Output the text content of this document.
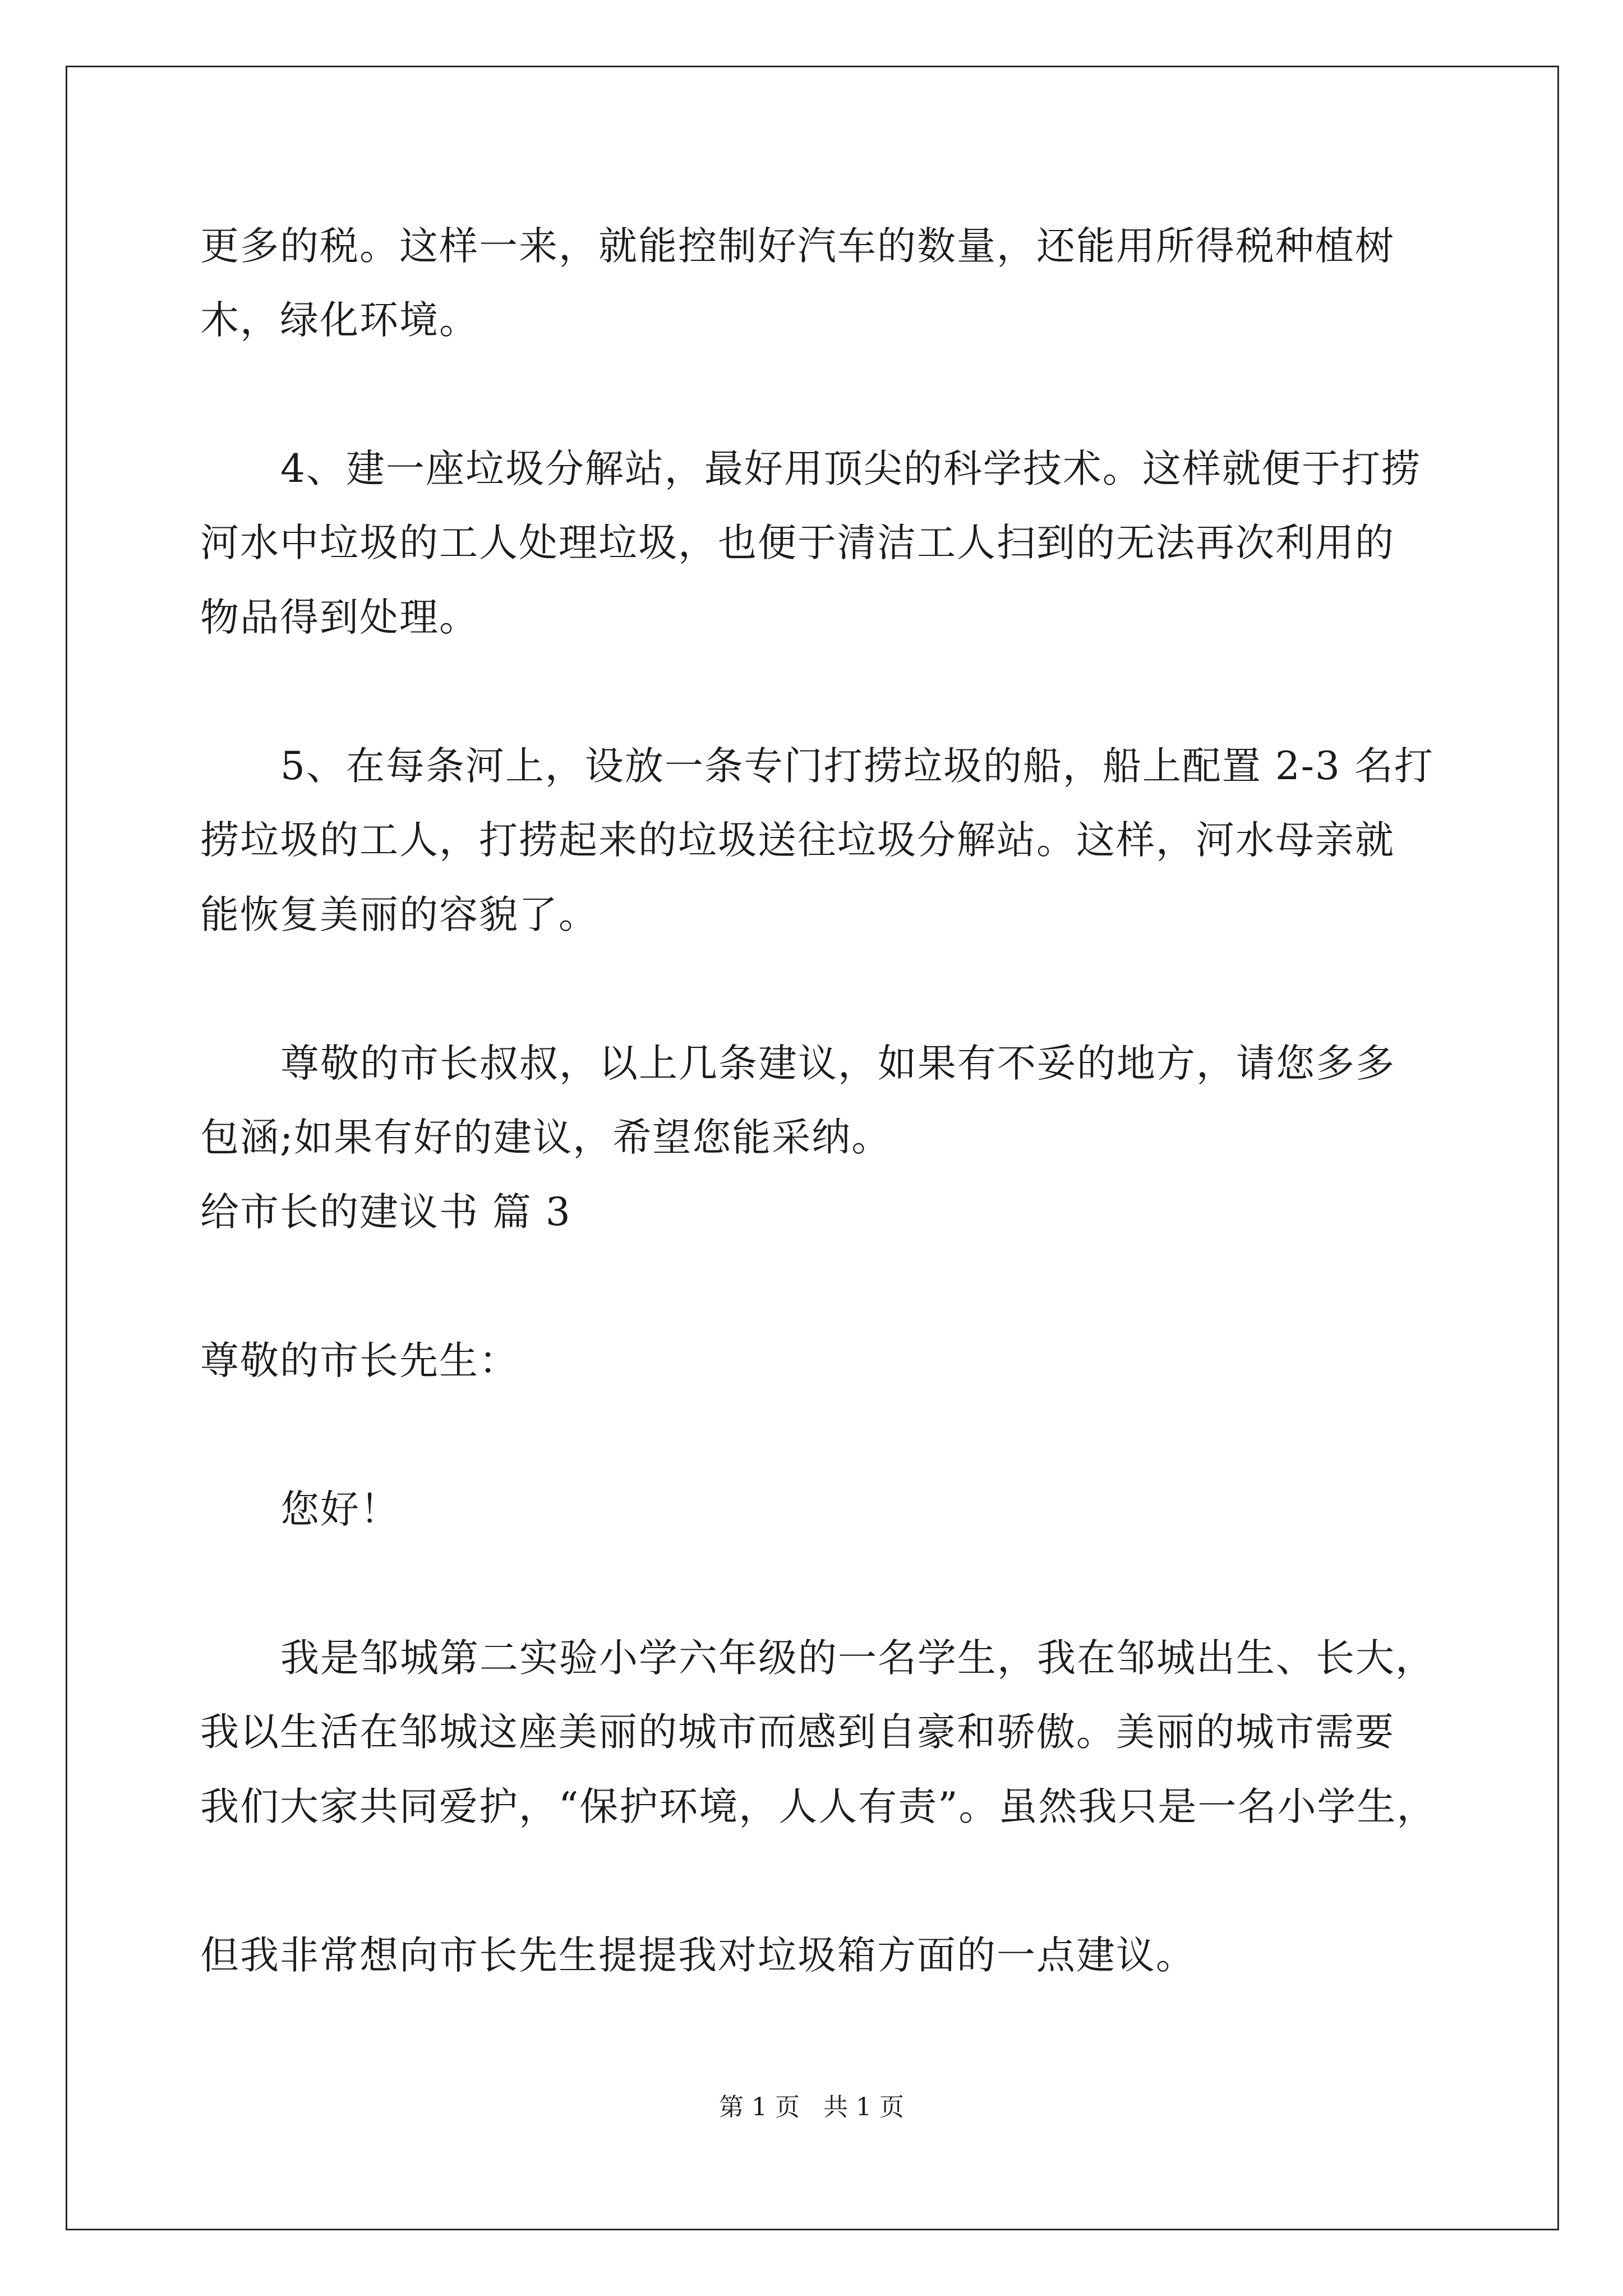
更多的税。这样一来，就能控制好汽车的数量，还能用所得税种植树
木，绿化环境。
4、建一座垃圾分解站，最好用顶尖的科学技术。这样就便于打捞
河水中垃圾的工人处理垃圾，也便于清洁工人扫到的无法再次利用的
物品得到处理。
5、在每条河上，设放一条专门打捞垃圾的船，船上配置 2-3 名打
捞垃圾的工人，打捞起来的垃圾送往垃圾分解站。这样，河水母亲就
能恢复美丽的容貌了。
尊敬的市长叔叔，以上几条建议，如果有不妥的地方，请您多多
包涵;如果有好的建议，希望您能采纳。
给市长的建议书 篇 3
尊敬的市长先生：
您好！
我是邹城第二实验小学六年级的一名学生，我在邹城出生、长大，
我以生活在邹城这座美丽的城市而感到自豪和骄傲。美丽的城市需要
我们大家共同爱护，“保护环境，人人有责”。虽然我只是一名小学生，
但我非常想向市长先生提提我对垃圾箱方面的一点建议。
第 1 页   共 1 页
